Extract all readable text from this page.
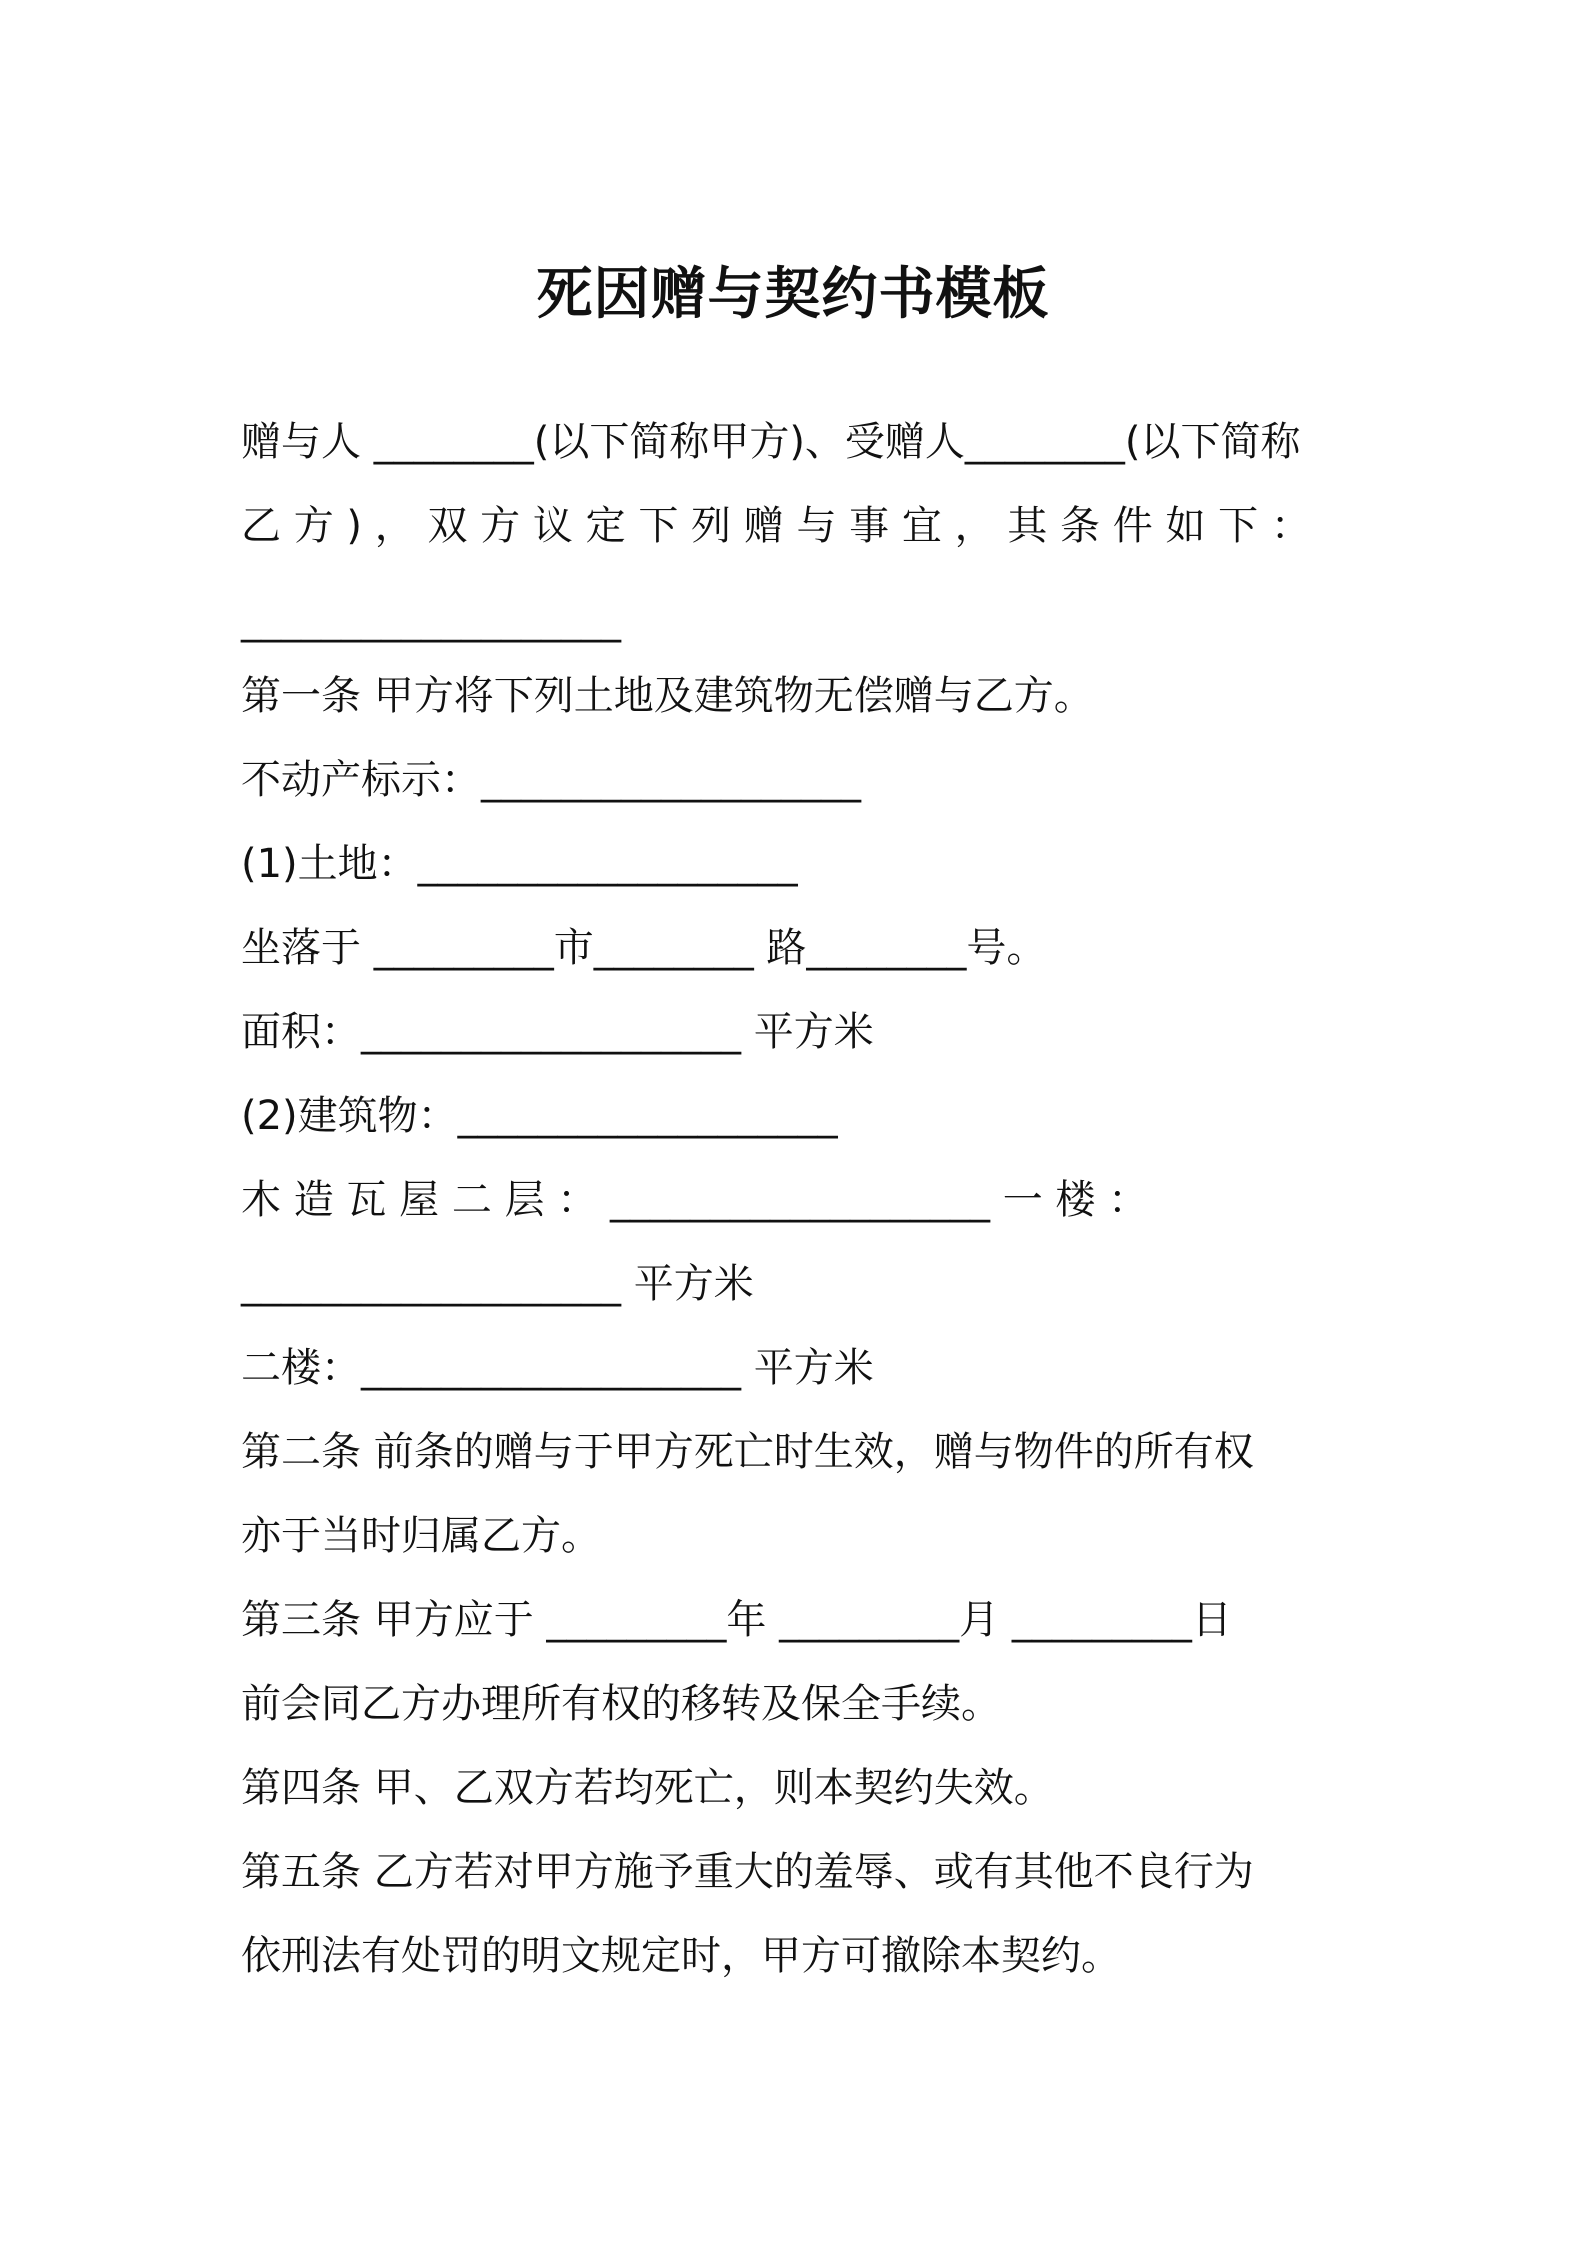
死因赠与契约书模板
赠与人 ________(以下简称甲方)、受赠人________(以下简称
乙 方 ) ， 双 方 议 定 下 列 赠 与 事 宜 ， 其 条 件 如 下 ：
___________________
第一条 甲方将下列土地及建筑物无偿赠与乙方。
不动产标示：___________________
(1)土地：___________________
坐落于 _________市________ 路________号。
面积：___________________ 平方米
(2)建筑物：___________________
木 造 瓦 屋 二 层 ： ___________________ 一 楼 ：
___________________ 平方米
二楼：___________________ 平方米
第二条 前条的赠与于甲方死亡时生效，赠与物件的所有权
亦于当时归属乙方。
第三条 甲方应于 _________年 _________月 _________日
前会同乙方办理所有权的移转及保全手续。
第四条 甲、乙双方若均死亡，则本契约失效。
第五条 乙方若对甲方施予重大的羞辱、或有其他不良行为
依刑法有处罚的明文规定时，甲方可撤除本契约。
